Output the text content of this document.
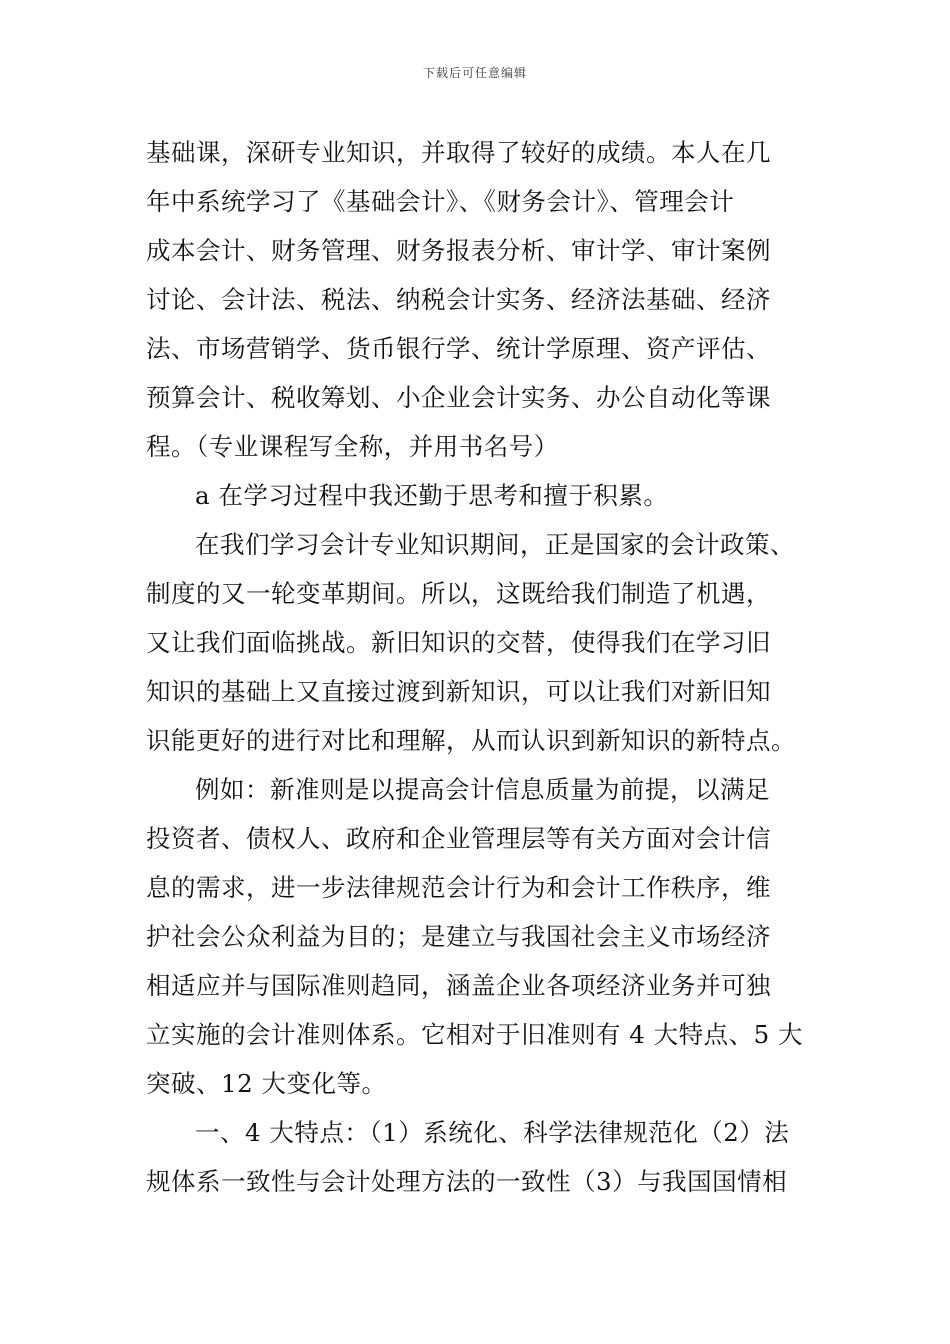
下载后可任意编辑
基础课，深研专业知识，并取得了较好的成绩。本人在几
年中系统学习了《基础会计》、《财务会计》、管理会计
成本会计、财务管理、财务报表分析、审计学、审计案例
讨论、会计法、税法、纳税会计实务、经济法基础、经济
法、市场营销学、货币银行学、统计学原理、资产评估、
预算会计、税收筹划、小企业会计实务、办公自动化等课
程。（专业课程写全称，并用书名号）
a 在学习过程中我还勤于思考和擅于积累。
在我们学习会计专业知识期间，正是国家的会计政策、
制度的又一轮变革期间。所以，这既给我们制造了机遇，
又让我们面临挑战。新旧知识的交替，使得我们在学习旧
知识的基础上又直接过渡到新知识，可以让我们对新旧知
识能更好的进行对比和理解，从而认识到新知识的新特点。
例如：新准则是以提高会计信息质量为前提，以满足
投资者、债权人、政府和企业管理层等有关方面对会计信
息的需求，进一步法律规范会计行为和会计工作秩序，维
护社会公众利益为目的；是建立与我国社会主义市场经济
相适应并与国际准则趋同，涵盖企业各项经济业务并可独
立实施的会计准则体系。它相对于旧准则有 4 大特点、5 大
突破、12 大变化等。
一、4 大特点：（1）系统化、科学法律规范化（2）法
规体系一致性与会计处理方法的一致性（3）与我国国情相
